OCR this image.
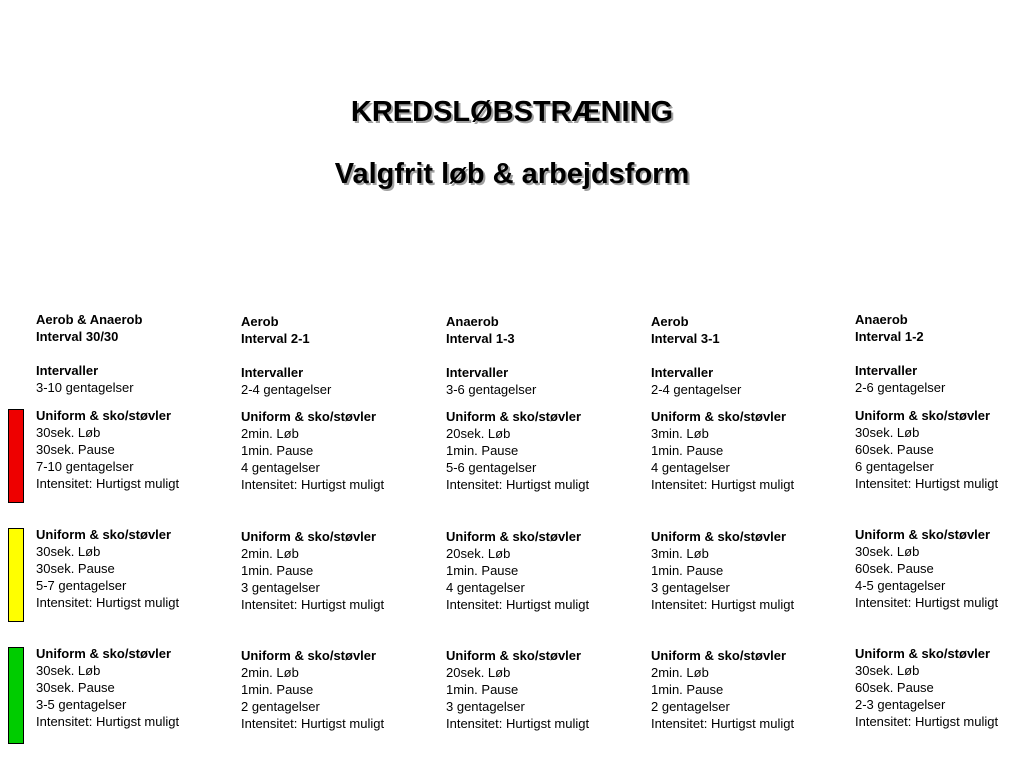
KREDSLØBSTRÆNING
Valgfrit løb & arbejdsform
Aerob & Anaerob
Interval 30/30
Intervaller
3-10 gentagelser
Uniform & sko/støvler
30sek. Løb
30sek. Pause
7-10 gentagelser
Intensitet: Hurtigst muligt
Uniform & sko/støvler
30sek. Løb
30sek. Pause
5-7 gentagelser
Intensitet: Hurtigst muligt
Uniform & sko/støvler
30sek. Løb
30sek. Pause
3-5 gentagelser
Intensitet: Hurtigst muligt
Aerob
Interval 2-1
Intervaller
2-4 gentagelser
Uniform & sko/støvler
2min. Løb
1min. Pause
4 gentagelser
Intensitet: Hurtigst muligt
Uniform & sko/støvler
2min. Løb
1min. Pause
3 gentagelser
Intensitet: Hurtigst muligt
Uniform & sko/støvler
2min. Løb
1min. Pause
2 gentagelser
Intensitet: Hurtigst muligt
Anaerob
Interval 1-3
Intervaller
3-6 gentagelser
Uniform & sko/støvler
20sek. Løb
1min. Pause
5-6 gentagelser
Intensitet: Hurtigst muligt
Uniform & sko/støvler
20sek. Løb
1min. Pause
4 gentagelser
Intensitet: Hurtigst muligt
Uniform & sko/støvler
20sek. Løb
1min. Pause
3 gentagelser
Intensitet: Hurtigst muligt
Aerob
Interval 3-1
Intervaller
2-4 gentagelser
Uniform & sko/støvler
3min. Løb
1min. Pause
4 gentagelser
Intensitet: Hurtigst muligt
Uniform & sko/støvler
3min. Løb
1min. Pause
3 gentagelser
Intensitet: Hurtigst muligt
Uniform & sko/støvler
2min. Løb
1min. Pause
2 gentagelser
Intensitet: Hurtigst muligt
Anaerob
Interval 1-2
Intervaller
2-6 gentagelser
Uniform & sko/støvler
30sek. Løb
60sek. Pause
6 gentagelser
Intensitet: Hurtigst muligt
Uniform & sko/støvler
30sek. Løb
60sek. Pause
4-5 gentagelser
Intensitet: Hurtigst muligt
Uniform & sko/støvler
30sek. Løb
60sek. Pause
2-3 gentagelser
Intensitet: Hurtigst muligt
